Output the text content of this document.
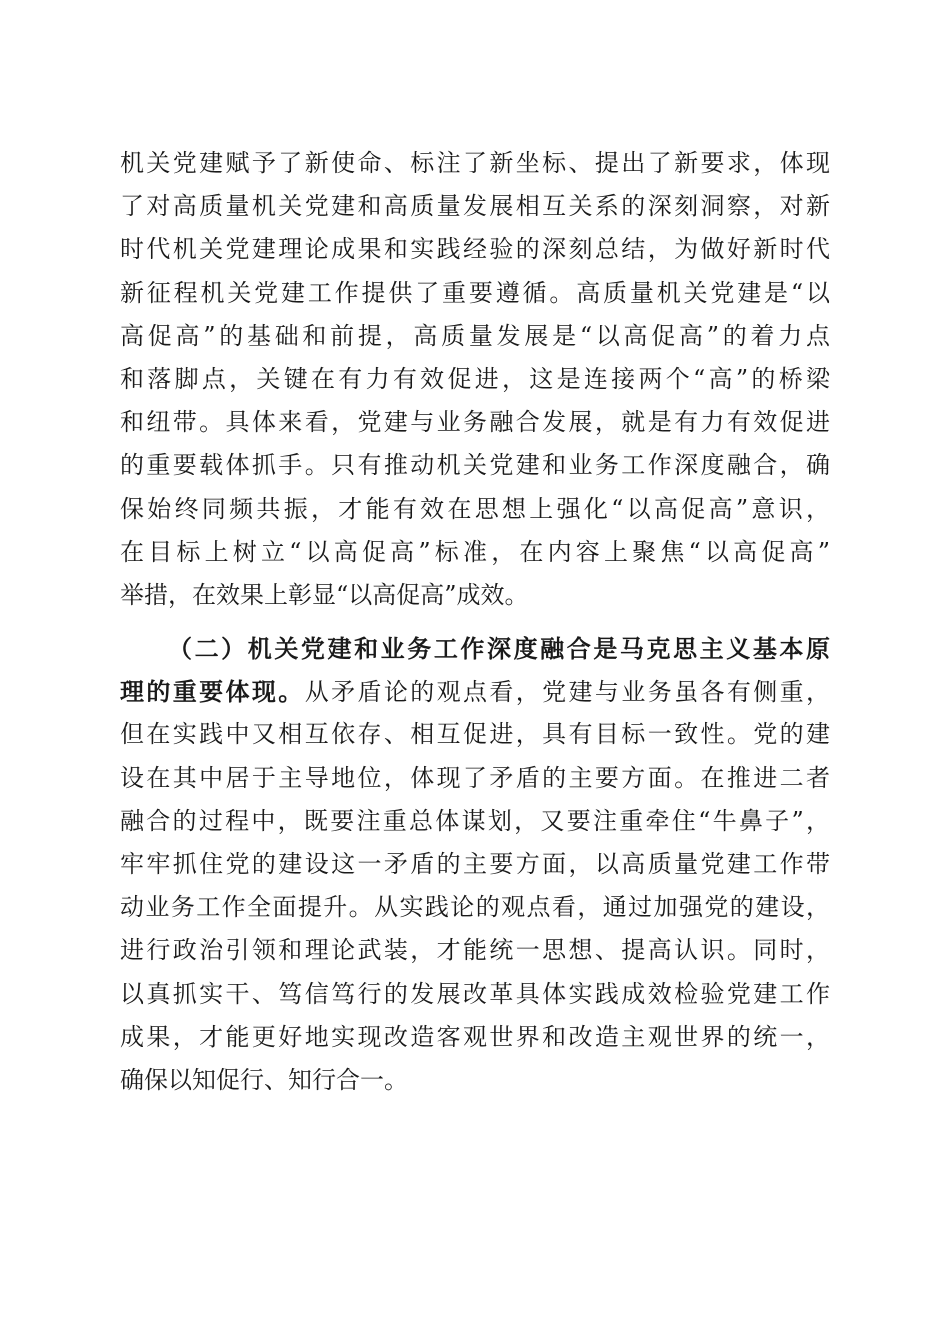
机关党建赋予了新使命、标注了新坐标、提出了新要求，体现
了对高质量机关党建和高质量发展相互关系的深刻洞察，对新
时代机关党建理论成果和实践经验的深刻总结，为做好新时代
新征程机关党建工作提供了重要遵循。高质量机关党建是“以
高促高”的基础和前提，高质量发展是“以高促高”的着力点
和落脚点，关键在有力有效促进，这是连接两个“高”的桥梁
和纽带。具体来看，党建与业务融合发展，就是有力有效促进
的重要载体抓手。只有推动机关党建和业务工作深度融合，确
保始终同频共振，才能有效在思想上强化“以高促高”意识，
在目标上树立“以高促高”标准，在内容上聚焦“以高促高”
举措，在效果上彰显“以高促高”成效。
（二）机关党建和业务工作深度融合是马克思主义基本原
理的重要体现。从矛盾论的观点看，党建与业务虽各有侧重，
但在实践中又相互依存、相互促进，具有目标一致性。党的建
设在其中居于主导地位，体现了矛盾的主要方面。在推进二者
融合的过程中，既要注重总体谋划，又要注重牵住“牛鼻子”，
牢牢抓住党的建设这一矛盾的主要方面，以高质量党建工作带
动业务工作全面提升。从实践论的观点看，通过加强党的建设，
进行政治引领和理论武装，才能统一思想、提高认识。同时，
以真抓实干、笃信笃行的发展改革具体实践成效检验党建工作
成果，才能更好地实现改造客观世界和改造主观世界的统一，
确保以知促行、知行合一。
